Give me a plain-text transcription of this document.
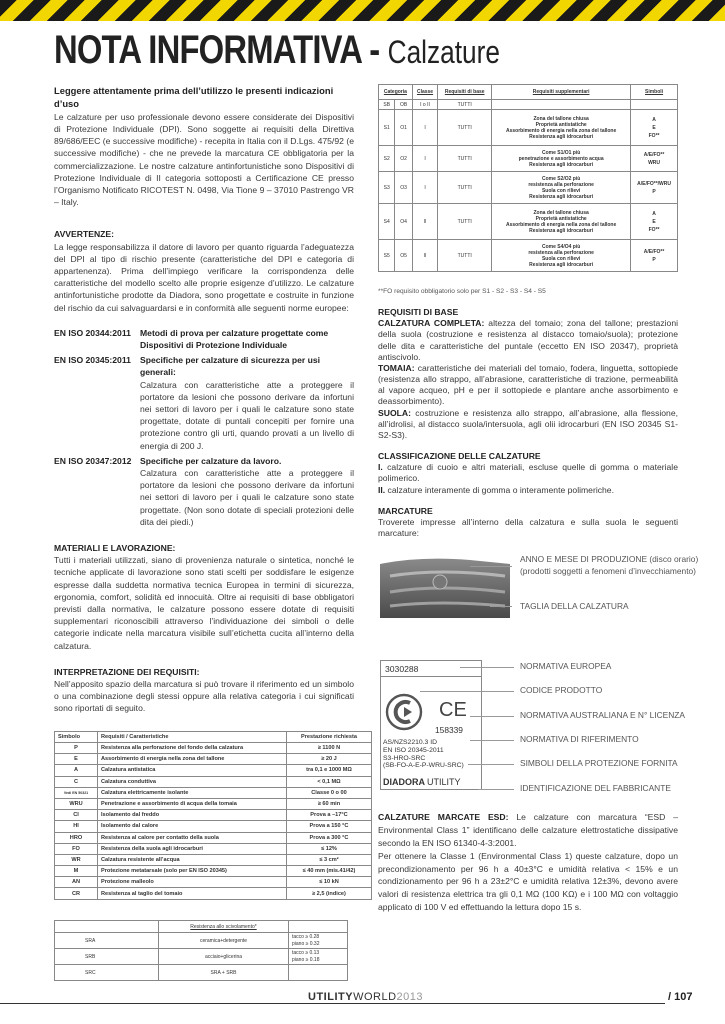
NOTA INFORMATIVA - Calzature
Leggere attentamente prima dell’utilizzo le presenti indicazioni d’uso

Le calzature per uso professionale devono essere considerate dei Dispositivi di Protezione Individuale (DPI). Sono soggette ai requisiti della Direttiva 89/686/EEC (e successive modifiche) - recepita in Italia con il D.Lgs. 475/92 (e successive modifiche) - che ne prevede la marcatura CE obbligatoria per la commercializzazione. Le nostre calzature antinfortunistiche sono Dispositivi di Protezione Individuale di II categoria sottoposti a Certificazione CE presso l’Organismo Notificato RICOTEST N. 0498, Via Tione 9 – 37010 Pastrengo VR – Italy.

AVVERTENZE:

La legge responsabilizza il datore di lavoro per quanto riguarda l’adeguatezza del DPI al tipo di rischio presente (caratteristiche del DPI e categoria di appartenenza). Prima dell’impiego verificare la corrispondenza delle caratteristiche del modello scelto alle proprie esigenze d’utilizzo. Le calzature antinfortunistiche prodotte da Diadora, sono progettate e costruite in funzione del rischio da cui salvaguardarsi e in conformità alle seguenti norme europee:

EN ISO 20344:2011	Metodi di prova per calzature progettate come Dispositivi di Protezione Individuale
EN ISO 20345:2011	Specifiche per calzature di sicurezza per usi generali:
Calzatura con caratteristiche atte a proteggere il portatore da lesioni che possono derivare da infortuni nei settori di lavoro per i quali le calzature sono state progettate, dotate di puntali concepiti per fornire una protezione contro gli urti, quando provati a un livello di energia di 200 J.
EN ISO 20347:2012 Specifiche per calzature da lavoro.
Calzatura con caratteristiche atte a proteggere il portatore da lesioni che possono derivare da infortuni nei settori di lavoro per i quali le calzature sono state progettate. (Non sono dotate di speciali protezioni delle dita dei piedi.)
MATERIALI E LAVORAZIONE:

Tutti i materiali utilizzati, siano di provenienza naturale o sintetica, nonché le tecniche applicate di lavorazione sono stati scelti per soddisfare le esigenze espresse dalla suddetta normativa tecnica Europea in termini di sicurezza, ergonomia, comfort, solidità ed innocuità. Oltre ai requisiti di base obbligatori previsti dalla normativa, le calzature possono essere dotate di requisiti supplementari riconoscibili attraverso l’individuazione dei simboli o delle categorie indicate nella marcatura visibile sull’etichetta cucita all’interno della calzatura.

INTERPRETAZIONE DEI REQUISITI:

Nell’apposito spazio della marcatura si può trovare il riferimento ed un simbolo o una combinazione degli stessi oppure alla relativa categoria i cui significati sono riportati di seguito.

Simbolo	Requisiti / Caratteristiche	Prestazione richiesta
P	Resistenza alla perforazione del fondo della calzatura	≥ 1100 N
E	Assorbimento di energia nella zona del tallone	≥ 20 J
A	Calzatura antistatica	tra 0,1 e 1000 MΩ
C	Calzatura conduttiva	< 0,1 MΩ
Vedi EN 50321	Calzatura elettricamente isolante	Classe 0 o 00
WRU	Penetrazione e assorbimento di acqua della tomaia	≥ 60 min
CI	Isolamento dal freddo	Prova a –17°C
HI	Isolamento dal calore	Prova a 150 °C
HRO	Resistenza al calore per contatto della suola	Prova a 300 °C
FO	Resistenza della suola agli idrocarburi	≤ 12%
WR	Calzatura resistente all’acqua	≤ 3 cm²
M	Protezione metatarsale (solo per EN ISO 20345)	≤ 40 mm (mis.41/42)
AN	Protezione malleolo	≤ 10 kN
CR	Resistenza al taglio del tomaio	≥ 2,5 (indice)
	Resistenza allo scivolamento*	
SRA	ceramica+detergente	tacco ≥ 0.28
piano ≥ 0.32
SRB	acciaio+glicerina	tacco ≥ 0.13
piano ≥ 0.18
SRC	SRA + SRB	
Categoria		Classe	Requisiti di base	Requisiti supplementari	Simboli
SB	OB	I o II	TUTTI		
S1	O1	I	TUTTI	Zona del tallone chiusa
Proprietà antistatiche
Assorbimento di energia nella zona del tallone
Resistenza agli idrocarburi	A
E
FO**
S2	O2	I	TUTTI	Come S1/O1 più
penetrazione e assorbimento acqua
Resistenza agli idrocarburi	A/E/FO**
WRU
S3	O3	I	TUTTI	Come S2/O2 più
resistenza alla perforazione
Suola con rilievi
Resistenza agli idrocarburi	A/E/FO**/WRU
P
S4	O4	II	TUTTI	Zona del tallone chiusa
Proprietà antistatiche
Assorbimento di energia nella zona del tallone
Resistenza agli idrocarburi	A
E
FO**
S5	O5	II	TUTTI	Come S4/O4 più
resistenza alla perforazione
Suola con rilievi
Resistenza agli idrocarburi	A/E/FO**
P
**FO requisito obbligatorio solo per S1 - S2 - S3 - S4 - S5
REQUISITI DI BASE

CALZATURA COMPLETA: altezza del tomaio; zona del tallone; prestazioni della suola (costruzione e resistenza al distacco tomaio/suola); protezione delle dita e caratteristiche del puntale (eccetto EN ISO 20347), proprietà antiscivolo.

TOMAIA: caratteristiche dei materiali del tomaio, fodera, linguetta, sottopiede (resistenza allo strappo, all’abrasione, caratteristiche di trazione, permeabilità al vapore acqueo, pH e per il sottopiede e plantare anche assorbimento e deassorbimento).

SUOLA: costruzione e resistenza allo strappo, all’abrasione, alla flessione, all’idrolisi, al distacco suola/intersuola, agli olii idrocarburi (EN ISO 20345 S1-S2-S3).

CLASSIFICAZIONE DELLE CALZATURE

I. calzature di cuoio e altri materiali, escluse quelle di gomma o materiale polimerico.

II. calzature interamente di gomma o interamente polimeriche.

MARCATURE

Troverete impresse all’interno della calzatura e sulla suola le seguenti marcature:

ANNO E MESE DI PRODUZIONE (disco orario)
(prodotti soggetti a fenomeni d’invecchiamento)
TAGLIA DELLA CALZATURA
3030288
CE
158339
AS/NZS2210.3 ID
EN ISO 20345-2011
S3-HRO-SRC
(SB-FO-A-E-P-WRU-SRC)
DIADORA UTILITY
NORMATIVA EUROPEA
CODICE PRODOTTO
NORMATIVA AUSTRALIANA E N° LICENZA
NORMATIVA DI RIFERIMENTO
SIMBOLI DELLA PROTEZIONE FORNITA
IDENTIFICAZIONE DEL FABBRICANTE

CALZATURE MARCATE ESD: Le calzature con marcatura “ESD – Environmental Class 1” identificano delle calzature elettrostatiche dissipative secondo la EN ISO 61340-4-3:2001.

Per ottenere la Classe 1 (Environmental Class 1) queste calzature, dopo un precondizionamento per 96 h a 40±3°C e umidità relativa < 15% e un condizionamento per 96 h a 23±2°C e umidità relativa 12±3%, devono avere valori di resistenza elettrica tra gli 0,1 MΩ (100 KΩ) e i 100 MΩ con voltaggio applicato di 100 V ed effettuando la lettura dopo 15 s.

UTILITYWORLD2013	/ 107
